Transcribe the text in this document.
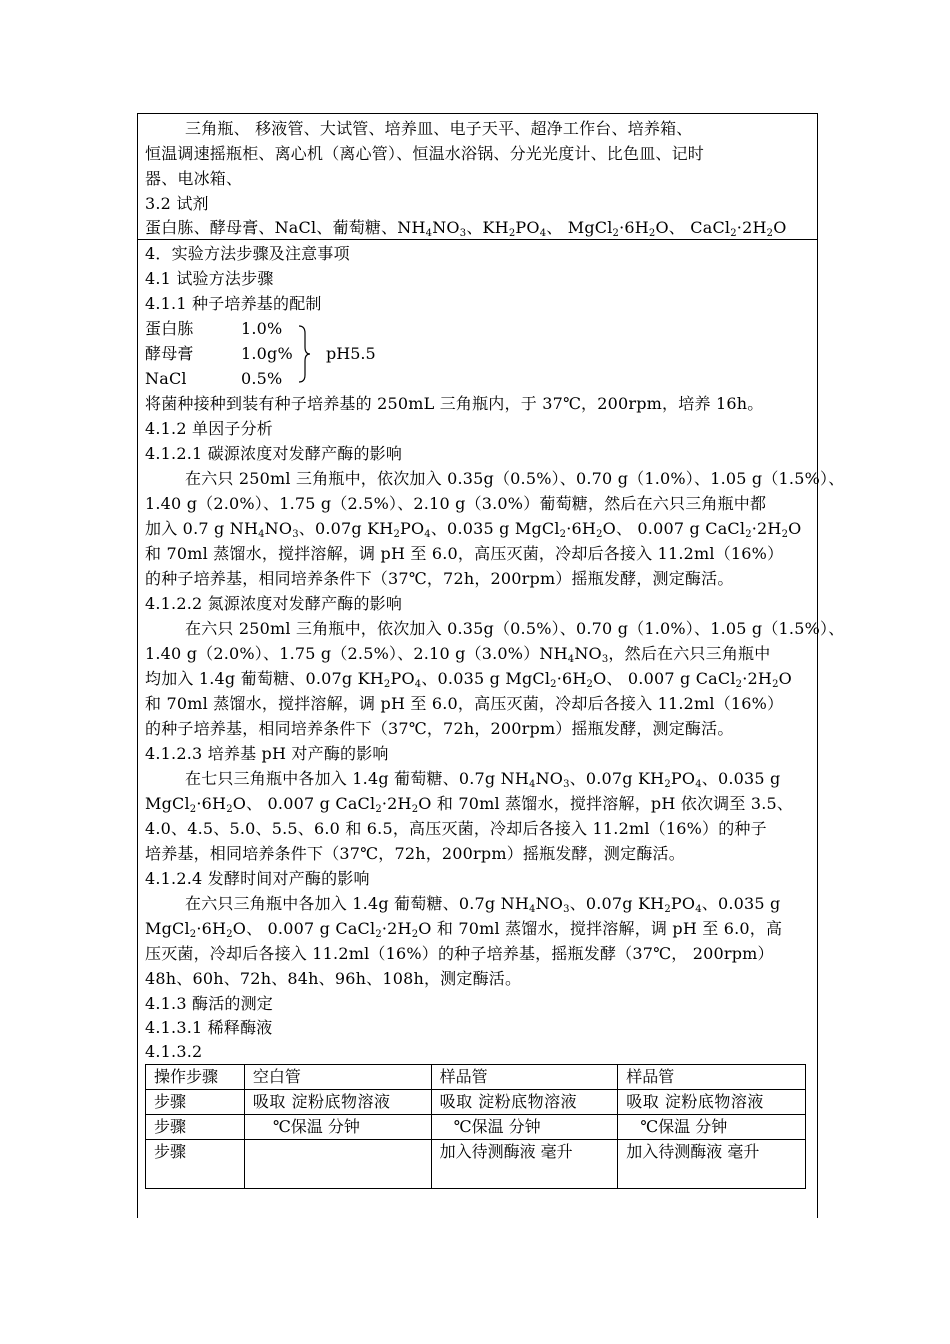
三角瓶、 移液管、大试管、培养皿、电子天平、超净工作台、培养箱、
恒温调速摇瓶柜、离心机（离心管）、恒温水浴锅、分光光度计、比色皿、记时
器、电冰箱、
3.2 试剂
蛋白胨、酵母膏、NaCl、葡萄糖、$NH_4NO_3$、$KH_2PO_4$、 $MgCl_2\cdot 6H_2O$、 $CaCl_2\cdot 2H_2O$
4．实验方法步骤及注意事项
4.1 试验方法步骤
4.1.1 种子培养基的配制
蛋白胨	1.0%
酵母膏	1.0g%
NaCl	0.5%
pH5.5
将菌种接种到装有种子培养基的 250mL 三角瓶内，于 37℃，200rpm，培养 16h。
4.1.2 单因子分析
4.1.2.1 碳源浓度对发酵产酶的影响
在六只 250ml 三角瓶中，依次加入 0.35g（0.5%）、0.70 g（1.0%）、1.05 g（1.5%）、
1.40 g（2.0%）、1.75 g（2.5%）、2.10 g（3.0%）葡萄糖，然后在六只三角瓶中都
加入 0.7 g $NH_4NO_3$、0.07g $KH_2PO_4$、0.035 g $MgCl_2\cdot 6H_2O$、 0.007 g $CaCl_2\cdot 2H_2O$
和 70ml 蒸馏水，搅拌溶解，调 pH 至 6.0，高压灭菌，冷却后各接入 11.2ml（16%）
的种子培养基，相同培养条件下（37℃，72h，200rpm）摇瓶发酵，测定酶活。
4.1.2.2 氮源浓度对发酵产酶的影响
在六只 250ml 三角瓶中，依次加入 0.35g（0.5%）、0.70 g（1.0%）、1.05 g（1.5%）、
1.40 g（2.0%）、1.75 g（2.5%）、2.10 $g(3.0\%)NH_4NO_3$，然后在六只三角瓶中
均加入 1.4g 葡萄糖、0.07g $KH_2PO_4$、0.035 g $MgCl_2\cdot 6H_2O$、 0.007 g $CaCl_2\cdot 2H_2O$
和 70ml 蒸馏水，搅拌溶解，调 pH 至 6.0，高压灭菌，冷却后各接入 11.2ml（16%）
的种子培养基，相同培养条件下（37℃，72h，200rpm）摇瓶发酵，测定酶活。
4.1.2.3 培养基 pH 对产酶的影响
在七只三角瓶中各加入 1.4g 葡萄糖、0.7g $NH_4NO_3$、0.07g $KH_2PO_4$、0.035 g
$MgCl_2\cdot 6H_2O$、 0.007 g $CaCl_2\cdot 2H_2O$ 和 70ml 蒸馏水，搅拌溶解，pH 依次调至 3.5、
4.0、4.5、5.0、5.5、6.0 和 6.5，高压灭菌，冷却后各接入 11.2ml（16%）的种子
培养基，相同培养条件下（37℃，72h，200rpm）摇瓶发酵，测定酶活。
4.1.2.4 发酵时间对产酶的影响
在六只三角瓶中各加入 1.4g 葡萄糖、0.7g $NH_4NO_3$、0.07g $KH_2PO_4$、0.035 g
$MgCl_2\cdot 6H_2O$、 0.007 g $CaCl_2\cdot 2H_2O$ 和 70ml 蒸馏水，搅拌溶解，调 pH 至 6.0，高
压灭菌，冷却后各接入 11.2ml（16%）的种子培养基，摇瓶发酵（37℃， 200rpm）
48h、60h、72h、84h、96h、108h，测定酶活。
4.1.3 酶活的测定
4.1.3.1 稀释酶液
4.1.3.2
操作步骤	空白管	样品管	样品管
步骤	吸取 淀粉底物溶液	吸取 淀粉底物溶液	吸取 淀粉底物溶液
步骤	℃保温 分钟	℃保温 分钟	℃保温 分钟
步骤		加入待测酶液 毫升	加入待测酶液 毫升
